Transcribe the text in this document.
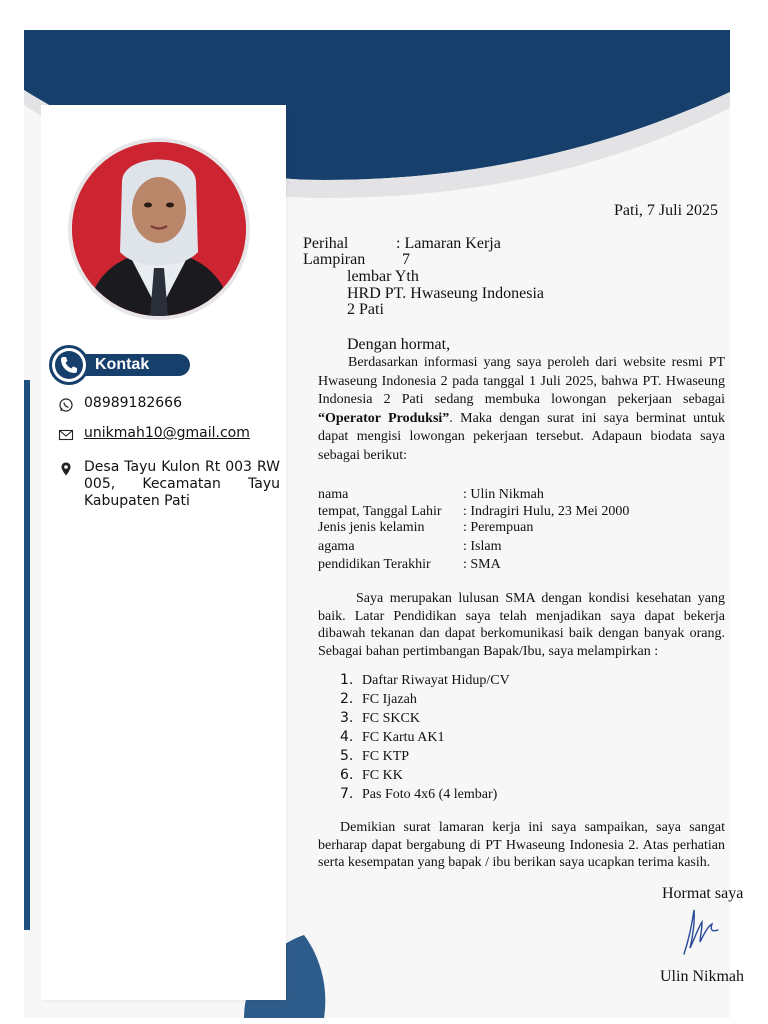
Kontak
08989182666
unikmah10@gmail.com
Desa Tayu Kulon Rt 003 RW 005, Kecamatan Tayu Kabupaten Pati
Pati, 7 Juli 2025
Perihal	: Lamaran Kerja
Lampiran 7
lembar Yth
HRD PT. Hwaseung Indonesia
2 Pati
Dengan hormat,
Berdasarkan informasi yang saya peroleh dari website resmi PT Hwaseung Indonesia 2 pada tanggal 1 Juli 2025, bahwa PT. Hwaseung Indonesia 2 Pati sedang membuka lowongan pekerjaan sebagai “Operator Produksi”. Maka dengan surat ini saya berminat untuk dapat mengisi lowongan pekerjaan tersebut. Adapaun biodata saya sebagai berikut:
nama	: Ulin Nikmah
tempat, Tanggal Lahir : Indragiri Hulu, 23 Mei 2000
Jenis jenis kelamin	: Perempuan
agama	: Islam
pendidikan Terakhir : SMA
Saya merupakan lulusan SMA dengan kondisi kesehatan yang baik. Latar Pendidikan saya telah menjadikan saya dapat bekerja dibawah tekanan dan dapat berkomunikasi baik dengan banyak orang. Sebagai bahan pertimbangan Bapak/Ibu, saya melampirkan :
1. Daftar Riwayat Hidup/CV
2. FC Ijazah
3. FC SKCK
4. FC Kartu AK1
5. FC KTP
6. FC KK
7. Pas Foto 4x6 (4 lembar)
Demikian surat lamaran kerja ini saya sampaikan, saya sangat berharap dapat bergabung di PT Hwaseung Indonesia 2. Atas perhatian serta kesempatan yang bapak / ibu berikan saya ucapkan terima kasih.
Hormat saya
Ulin Nikmah
